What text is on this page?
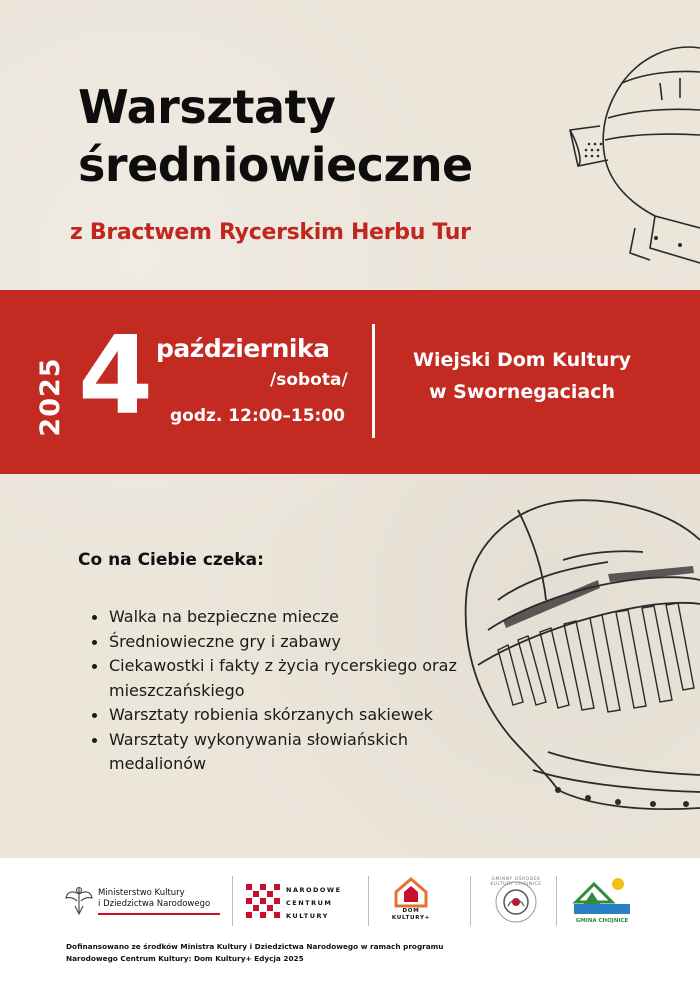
Warsztaty
średniowieczne
z Bractwem Rycerskim Herbu Tur
2025 4 października
/sobota/
godz. 12:00–15:00
Wiejski Dom Kultury
w Swornegaciach
Co na Ciebie czeka:
Walka na bezpieczne miecze
Średniowieczne gry i zabawy
Ciekawostki i fakty z życia rycerskiego oraz mieszczańskiego
Warsztaty robienia skórzanych sakiewek
Warsztaty wykonywania słowiańskich medalionów
Ministerstwo Kultury
i Dziedzictwa Narodowego
NARODOWE
CENTRUM
KULTURY
DOM
KULTURY+
GMINNY OŚRODEK KULTURY CHOJNICE
GMINA CHOJNICE
Dofinansowano ze środków Ministra Kultury i Dziedzictwa Narodowego w ramach programu
Narodowego Centrum Kultury: Dom Kultury+ Edycja 2025
